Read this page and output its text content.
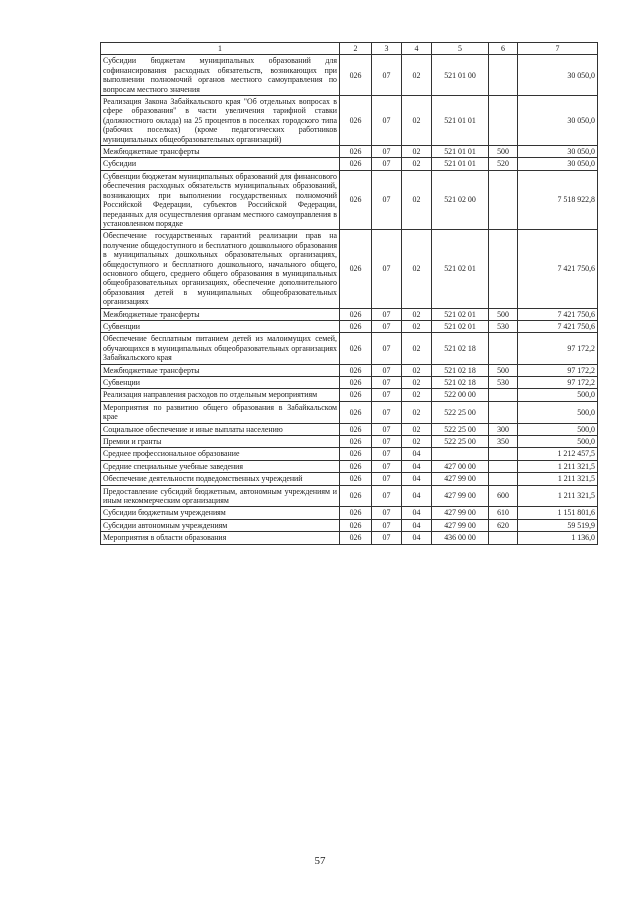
1	2	3	4	5	6	7
Субсидии бюджетам муниципальных образований для софинансирования расходных обязательств, возникающих при выполнении полномочий органов местного самоуправления по вопросам местного значения	026	07	02	521 01 00		30 050,0
Реализация Закона Забайкальского края "Об отдельных вопросах в сфере образования" в части увеличения тарифной ставки (должностного оклада) на 25 процентов в поселках городского типа (рабочих поселках) (кроме педагогических работников муниципальных общеобразовательных организаций)	026	07	02	521 01 01		30 050,0
Межбюджетные трансферты	026	07	02	521 01 01	500	30 050,0
Субсидии	026	07	02	521 01 01	520	30 050,0
Субвенции бюджетам муниципальных образований для финансового обеспечения расходных обязательств муниципальных образований, возникающих при выполнении государственных полномочий Российской Федерации, субъектов Российской Федерации, переданных для осуществления органам местного самоуправления в установленном порядке	026	07	02	521 02 00		7 518 922,8
Обеспечение государственных гарантий реализации прав на получение общедоступного и бесплатного дошкольного образования в муниципальных дошкольных образовательных организациях, общедоступного и бесплатного дошкольного, начального общего, основного общего, среднего общего образования в муниципальных общеобразовательных организациях, обеспечение дополнительного образования детей в муниципальных общеобразовательных организациях	026	07	02	521 02 01		7 421 750,6
Межбюджетные трансферты	026	07	02	521 02 01	500	7 421 750,6
Субвенции	026	07	02	521 02 01	530	7 421 750,6
Обеспечение бесплатным питанием детей из малоимущих семей, обучающихся в муниципальных общеобразовательных организациях Забайкальского края	026	07	02	521 02 18		97 172,2
Межбюджетные трансферты	026	07	02	521 02 18	500	97 172,2
Субвенции	026	07	02	521 02 18	530	97 172,2
Реализация направления расходов по отдельным мероприятиям	026	07	02	522 00 00		500,0
Мероприятия по развитию общего образования в Забайкальском крае	026	07	02	522 25 00		500,0
Социальное обеспечение и иные выплаты населению	026	07	02	522 25 00	300	500,0
Премии и гранты	026	07	02	522 25 00	350	500,0
Среднее профессиональное образование	026	07	04			1 212 457,5
Средние специальные учебные заведения	026	07	04	427 00 00		1 211 321,5
Обеспечение деятельности подведомственных учреждений	026	07	04	427 99 00		1 211 321,5
Предоставление субсидий бюджетным, автономным учреждениям и иным некоммерческим организациям	026	07	04	427 99 00	600	1 211 321,5
Субсидии бюджетным учреждениям	026	07	04	427 99 00	610	1 151 801,6
Субсидии автономным учреждениям	026	07	04	427 99 00	620	59 519,9
Мероприятия в области образования	026	07	04	436 00 00		1 136,0
57
